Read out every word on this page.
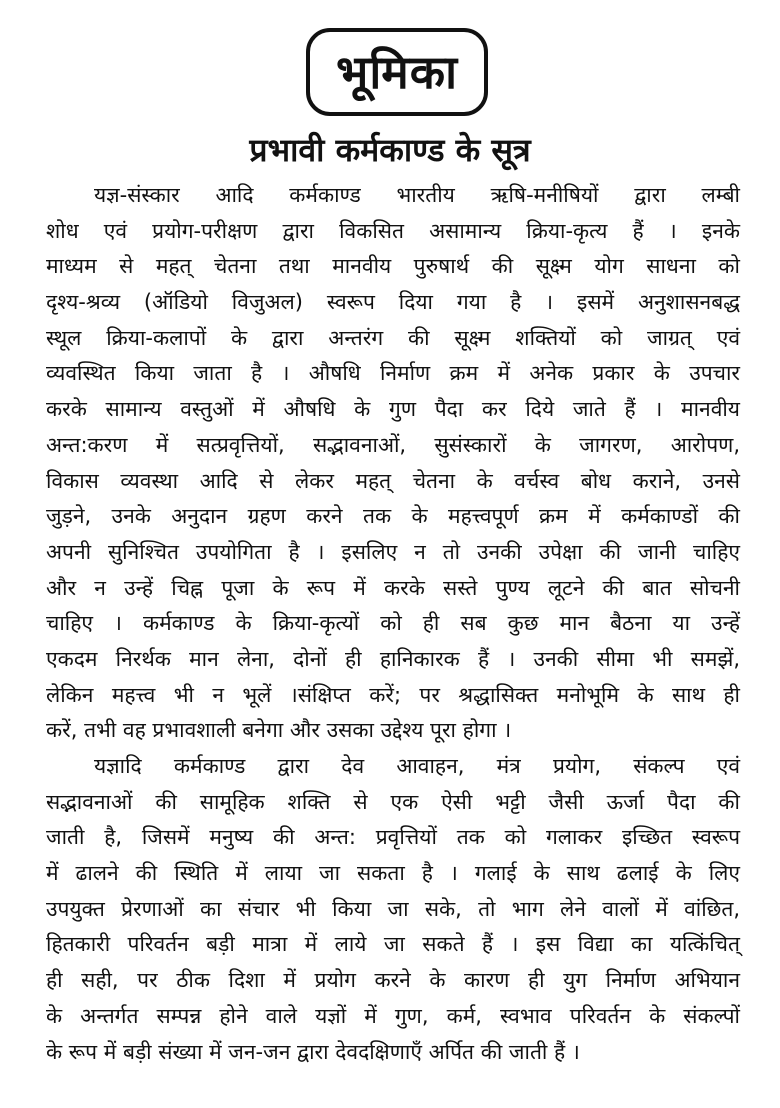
भूमिका
प्रभावी कर्मकाण्ड के सूत्र
यज्ञ-संस्कार आदि कर्मकाण्ड भारतीय ऋषि-मनीषियों द्वारा लम्बी
शोध एवं प्रयोग-परीक्षण द्वारा विकसित असामान्य क्रिया-कृत्य हैं । इनके
माध्यम से महत् चेतना तथा मानवीय पुरुषार्थ की सूक्ष्म योग साधना को
दृश्य-श्रव्य (ऑडियो विजुअल) स्वरूप दिया गया है । इसमें अनुशासनबद्ध
स्थूल क्रिया-कलापों के द्वारा अन्तरंग की सूक्ष्म शक्तियों को जाग्रत् एवं
व्यवस्थित किया जाता है । औषधि निर्माण क्रम में अनेक प्रकार के उपचार
करके सामान्य वस्तुओं में औषधि के गुण पैदा कर दिये जाते हैं । मानवीय
अन्त:करण में सत्प्रवृत्तियों, सद्भावनाओं, सुसंस्कारों के जागरण, आरोपण,
विकास व्यवस्था आदि से लेकर महत् चेतना के वर्चस्व बोध कराने, उनसे
जुड़ने, उनके अनुदान ग्रहण करने तक के महत्त्वपूर्ण क्रम में कर्मकाण्डों की
अपनी सुनिश्चित उपयोगिता है । इसलिए न तो उनकी उपेक्षा की जानी चाहिए
और न उन्हें चिह्न पूजा के रूप में करके सस्ते पुण्य लूटने की बात सोचनी
चाहिए । कर्मकाण्ड के क्रिया-कृत्यों को ही सब कुछ मान बैठना या उन्हें
एकदम निरर्थक मान लेना, दोनों ही हानिकारक हैं । उनकी सीमा भी समझें,
लेकिन महत्त्व भी न भूलें ।संक्षिप्त करें; पर श्रद्धासिक्त मनोभूमि के साथ ही
करें, तभी वह प्रभावशाली बनेगा और उसका उद्देश्य पूरा होगा ।
यज्ञादि कर्मकाण्ड द्वारा देव आवाहन, मंत्र प्रयोग, संकल्प एवं
सद्भावनाओं की सामूहिक शक्ति से एक ऐसी भट्टी जैसी ऊर्जा पैदा की
जाती है, जिसमें मनुष्य की अन्त: प्रवृत्तियों तक को गलाकर इच्छित स्वरूप
में ढालने की स्थिति में लाया जा सकता है । गलाई के साथ ढलाई के लिए
उपयुक्त प्रेरणाओं का संचार भी किया जा सके, तो भाग लेने वालों में वांछित,
हितकारी परिवर्तन बड़ी मात्रा में लाये जा सकते हैं । इस विद्या का यत्किंचित्
ही सही, पर ठीक दिशा में प्रयोग करने के कारण ही युग निर्माण अभियान
के अन्तर्गत सम्पन्न होने वाले यज्ञों में गुण, कर्म, स्वभाव परिवर्तन के संकल्पों
के रूप में बड़ी संख्या में जन-जन द्वारा देवदक्षिणाएँ अर्पित की जाती हैं ।
